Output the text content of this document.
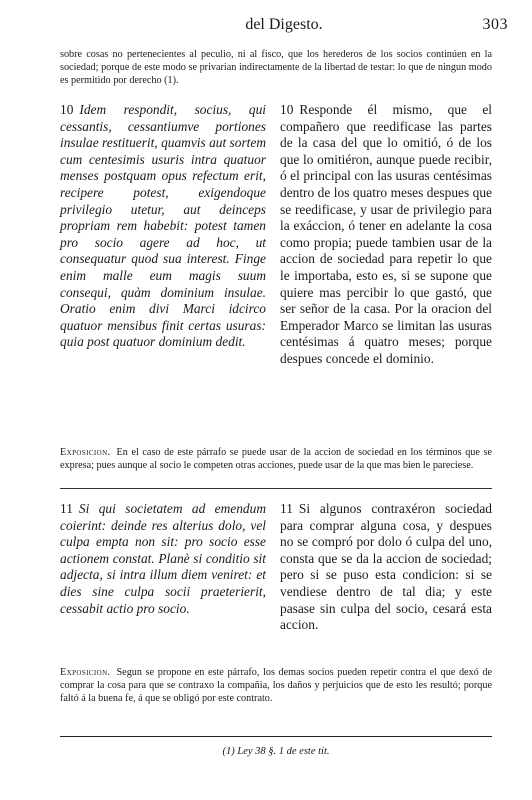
del Digesto.	303

sobre cosas no pertenecientes al peculio, ni al fisco, que los herederos de los socios continúen en la sociedad; porque de este modo se privarian indirectamente de la libertad de testar: lo que de ningun modo es permitido por derecho (1).

10 Idem respondit, socius, qui cessantis, cessantiumve portiones insulae restituerit, quamvis aut sortem cum centesimis usuris intra quatuor menses postquam opus refectum erit, recipere potest, exigendoque privilegio utetur, aut deinceps propriam rem habebit: potest tamen pro socio agere ad hoc, ut consequatur quod sua interest. Finge enim malle eum magis suum consequi, quàm dominium insulae. Oratio enim divi Marci idcirco quatuor mensibus finit certas usuras: quia post quatuor dominium dedit.
10 Responde él mismo, que el compañero que reedificase las partes de la casa del que lo omitió, ó de los que lo omitiéron, aunque puede recibir, ó el principal con las usuras centésimas dentro de los quatro meses despues que se reedificase, y usar de privilegio para la exáccion, ó tener en adelante la cosa como propia; puede tambien usar de la accion de sociedad para repetir lo que le importaba, esto es, si se supone que quiere mas percibir lo que gastó, que ser señor de la casa. Por la oracion del Emperador Marco se limitan las usuras centésimas á quatro meses; porque despues concede el dominio.

Exposicion. En el caso de este párrafo se puede usar de la accion de sociedad en los términos que se expresa; pues aunque al socio le competen otras acciones, puede usar de la que mas bien le pareciese.

11 Si qui societatem ad emendum coierint: deinde res alterius dolo, vel culpa empta non sit: pro socio esse actionem constat. Planè si conditio sit adjecta, si intra illum diem veniret: et dies sine culpa socii praeterierit, cessabit actio pro socio.
11 Si algunos contraxéron sociedad para comprar alguna cosa, y despues no se compró por dolo ó culpa del uno, consta que se da la accion de sociedad; pero si se puso esta condicion: si se vendiese dentro de tal dia; y este pasase sin culpa del socio, cesará esta accion.

Exposicion. Segun se propone en este párrafo, los demas socios pueden repetir contra el que dexó de comprar la cosa para que se contraxo la compañia, los daños y perjuicios que de esto les resultó; porque faltó á la buena fe, á que se obligó por este contrato.

(1) Ley 38 §. 1 de este tit.
